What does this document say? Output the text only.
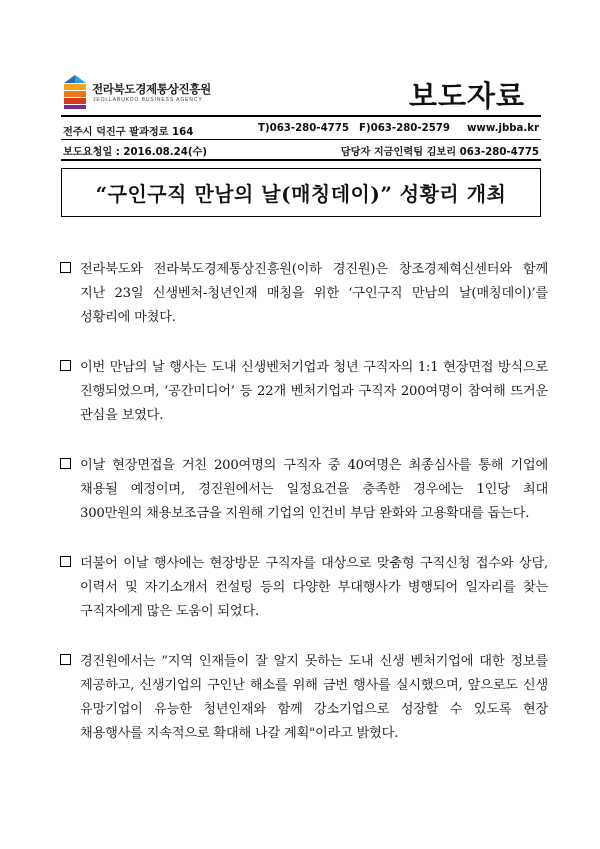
전라북도경제통상진흥원
JEOLLABUKDO BUSINESS AGENCY	보도자료
전주시 덕진구 팔과정로 164	T)063-280-4775 F)063-280-2579 www.jbba.kr
보도요청일 : 2016.08.24(수)	담당자 지금인력팀 김보리 063-280-4775
“구인구직 만남의 날(매칭데이)” 성황리 개최

전라북도와 전라북도경제통상진흥원(이하 경진원)은 창조경제혁신센터와 함께 지난 23일 신생벤처-청년인재 매칭을 위한 ‘구인구직 만남의 날(매칭데이)’를 성황리에 마쳤다.

이번 만남의 날 행사는 도내 신생벤처기업과 청년 구직자의 1:1 현장면접 방식으로 진행되었으며, ‘공간미디어’ 등 22개 벤처기업과 구직자 200여명이 참여해 뜨거운 관심을 보였다.

이날 현장면접을 거친 200여명의 구직자 중 40여명은 최종심사를 통해 기업에 채용될 예정이며, 경진원에서는 일정요건을 충족한 경우에는 1인당 최대 300만원의 채용보조금을 지원해 기업의 인건비 부담 완화와 고용확대를 돕는다.

더불어 이날 행사에는 현장방문 구직자를 대상으로 맞춤형 구직신청 접수와 상담, 이력서 및 자기소개서 컨설팅 등의 다양한 부대행사가 병행되어 일자리를 찾는 구직자에게 많은 도움이 되었다.

경진원에서는 “지역 인재들이 잘 알지 못하는 도내 신생 벤처기업에 대한 정보를 제공하고, 신생기업의 구인난 해소를 위해 금번 행사를 실시했으며, 앞으로도 신생 유망기업이 유능한 청년인재와 함께 강소기업으로 성장할 수 있도록 현장 채용행사를 지속적으로 확대해 나갈 계획"이라고 밝혔다.
